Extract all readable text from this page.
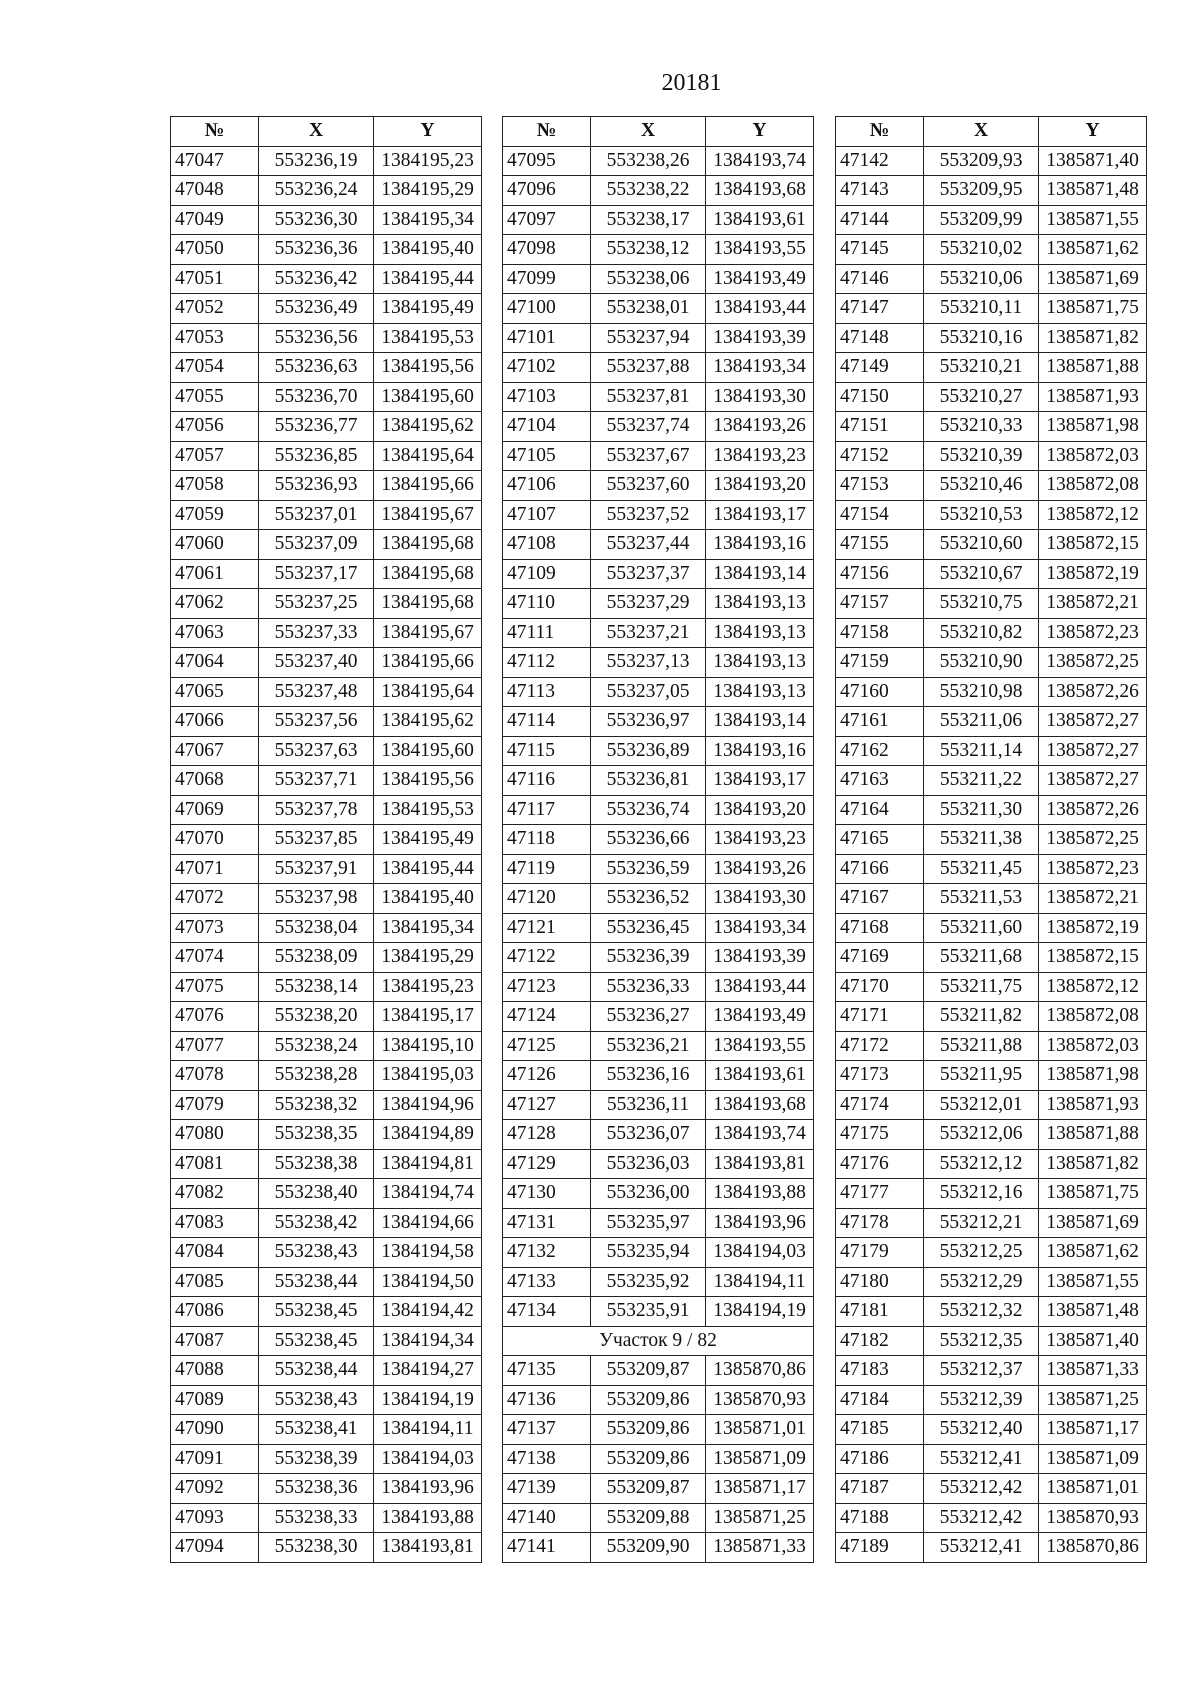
20181
№	X	Y
47047	553236,19	1384195,23
47048	553236,24	1384195,29
47049	553236,30	1384195,34
47050	553236,36	1384195,40
47051	553236,42	1384195,44
47052	553236,49	1384195,49
47053	553236,56	1384195,53
47054	553236,63	1384195,56
47055	553236,70	1384195,60
47056	553236,77	1384195,62
47057	553236,85	1384195,64
47058	553236,93	1384195,66
47059	553237,01	1384195,67
47060	553237,09	1384195,68
47061	553237,17	1384195,68
47062	553237,25	1384195,68
47063	553237,33	1384195,67
47064	553237,40	1384195,66
47065	553237,48	1384195,64
47066	553237,56	1384195,62
47067	553237,63	1384195,60
47068	553237,71	1384195,56
47069	553237,78	1384195,53
47070	553237,85	1384195,49
47071	553237,91	1384195,44
47072	553237,98	1384195,40
47073	553238,04	1384195,34
47074	553238,09	1384195,29
47075	553238,14	1384195,23
47076	553238,20	1384195,17
47077	553238,24	1384195,10
47078	553238,28	1384195,03
47079	553238,32	1384194,96
47080	553238,35	1384194,89
47081	553238,38	1384194,81
47082	553238,40	1384194,74
47083	553238,42	1384194,66
47084	553238,43	1384194,58
47085	553238,44	1384194,50
47086	553238,45	1384194,42
47087	553238,45	1384194,34
47088	553238,44	1384194,27
47089	553238,43	1384194,19
47090	553238,41	1384194,11
47091	553238,39	1384194,03
47092	553238,36	1384193,96
47093	553238,33	1384193,88
47094	553238,30	1384193,81
№	X	Y
47095	553238,26	1384193,74
47096	553238,22	1384193,68
47097	553238,17	1384193,61
47098	553238,12	1384193,55
47099	553238,06	1384193,49
47100	553238,01	1384193,44
47101	553237,94	1384193,39
47102	553237,88	1384193,34
47103	553237,81	1384193,30
47104	553237,74	1384193,26
47105	553237,67	1384193,23
47106	553237,60	1384193,20
47107	553237,52	1384193,17
47108	553237,44	1384193,16
47109	553237,37	1384193,14
47110	553237,29	1384193,13
47111	553237,21	1384193,13
47112	553237,13	1384193,13
47113	553237,05	1384193,13
47114	553236,97	1384193,14
47115	553236,89	1384193,16
47116	553236,81	1384193,17
47117	553236,74	1384193,20
47118	553236,66	1384193,23
47119	553236,59	1384193,26
47120	553236,52	1384193,30
47121	553236,45	1384193,34
47122	553236,39	1384193,39
47123	553236,33	1384193,44
47124	553236,27	1384193,49
47125	553236,21	1384193,55
47126	553236,16	1384193,61
47127	553236,11	1384193,68
47128	553236,07	1384193,74
47129	553236,03	1384193,81
47130	553236,00	1384193,88
47131	553235,97	1384193,96
47132	553235,94	1384194,03
47133	553235,92	1384194,11
47134	553235,91	1384194,19
Участок 9 / 82		
47135	553209,87	1385870,86
47136	553209,86	1385870,93
47137	553209,86	1385871,01
47138	553209,86	1385871,09
47139	553209,87	1385871,17
47140	553209,88	1385871,25
47141	553209,90	1385871,33
№	X	Y
47142	553209,93	1385871,40
47143	553209,95	1385871,48
47144	553209,99	1385871,55
47145	553210,02	1385871,62
47146	553210,06	1385871,69
47147	553210,11	1385871,75
47148	553210,16	1385871,82
47149	553210,21	1385871,88
47150	553210,27	1385871,93
47151	553210,33	1385871,98
47152	553210,39	1385872,03
47153	553210,46	1385872,08
47154	553210,53	1385872,12
47155	553210,60	1385872,15
47156	553210,67	1385872,19
47157	553210,75	1385872,21
47158	553210,82	1385872,23
47159	553210,90	1385872,25
47160	553210,98	1385872,26
47161	553211,06	1385872,27
47162	553211,14	1385872,27
47163	553211,22	1385872,27
47164	553211,30	1385872,26
47165	553211,38	1385872,25
47166	553211,45	1385872,23
47167	553211,53	1385872,21
47168	553211,60	1385872,19
47169	553211,68	1385872,15
47170	553211,75	1385872,12
47171	553211,82	1385872,08
47172	553211,88	1385872,03
47173	553211,95	1385871,98
47174	553212,01	1385871,93
47175	553212,06	1385871,88
47176	553212,12	1385871,82
47177	553212,16	1385871,75
47178	553212,21	1385871,69
47179	553212,25	1385871,62
47180	553212,29	1385871,55
47181	553212,32	1385871,48
47182	553212,35	1385871,40
47183	553212,37	1385871,33
47184	553212,39	1385871,25
47185	553212,40	1385871,17
47186	553212,41	1385871,09
47187	553212,42	1385871,01
47188	553212,42	1385870,93
47189	553212,41	1385870,86
